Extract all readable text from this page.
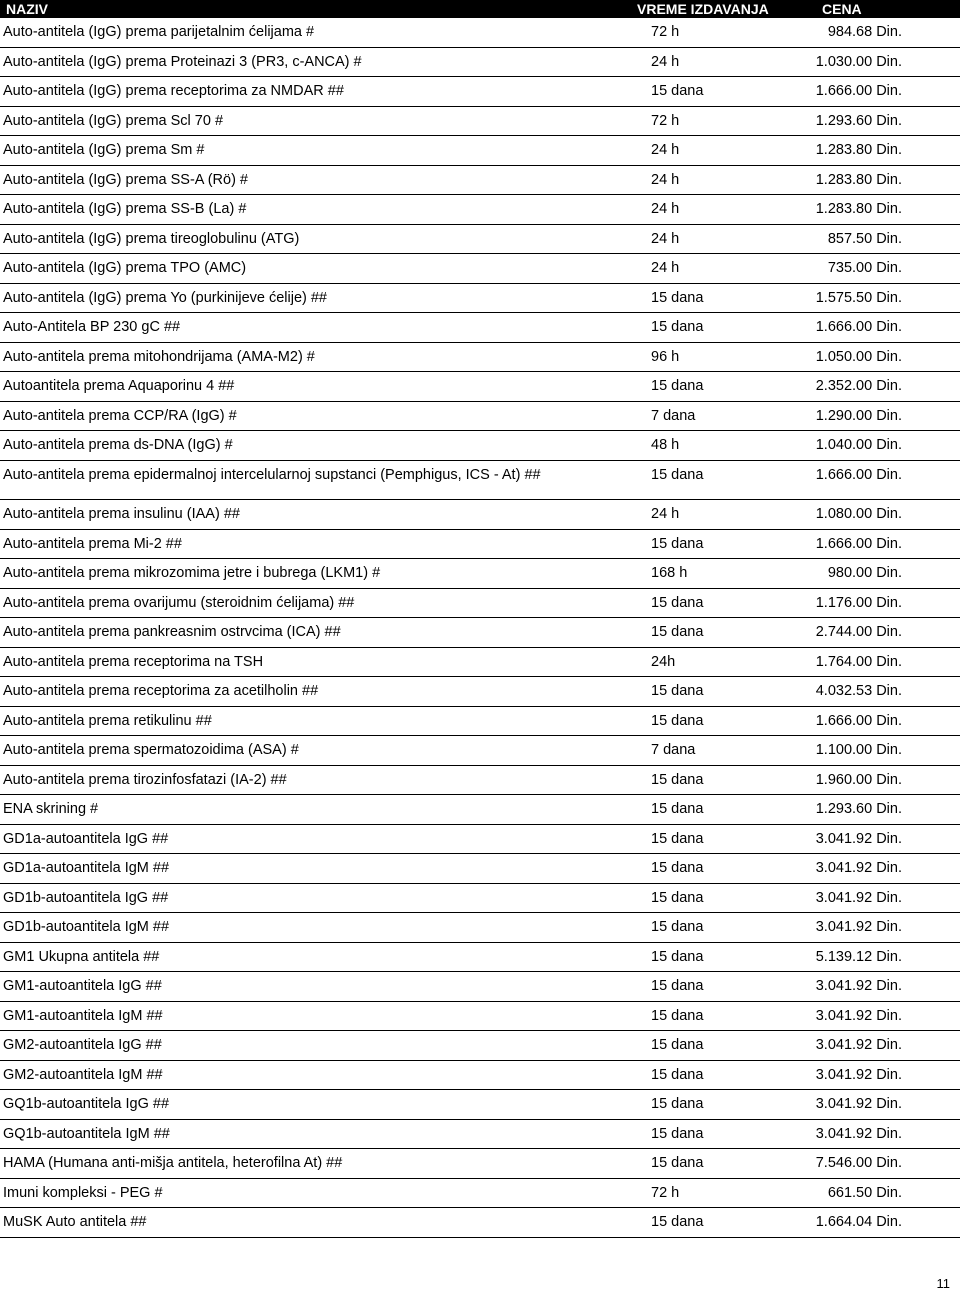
NAZIV	VREME IZDAVANJA	CENA
Auto-antitela (IgG) prema parijetalnim ćelijama #	72 h	984.68 Din.
Auto-antitela (IgG) prema Proteinazi 3 (PR3, c-ANCA) #	24 h	1.030.00 Din.
Auto-antitela (IgG) prema receptorima za NMDAR ##	15 dana	1.666.00 Din.
Auto-antitela (IgG) prema Scl 70 #	72 h	1.293.60 Din.
Auto-antitela (IgG) prema Sm #	24 h	1.283.80 Din.
Auto-antitela (IgG) prema SS-A (Rö) #	24 h	1.283.80 Din.
Auto-antitela (IgG) prema SS-B (La) #	24 h	1.283.80 Din.
Auto-antitela (IgG) prema tireoglobulinu (ATG)	24 h	857.50 Din.
Auto-antitela (IgG) prema TPO (AMC)	24 h	735.00 Din.
Auto-antitela (IgG) prema Yo (purkinijeve ćelije) ##	15 dana	1.575.50 Din.
Auto-Antitela BP 230 gC ##	15 dana	1.666.00 Din.
Auto-antitela prema mitohondrijama (AMA-M2) #	96 h	1.050.00 Din.
Autoantitela prema Aquaporinu 4 ##	15 dana	2.352.00 Din.
Auto-antitela prema CCP/RA (IgG) #	7 dana	1.290.00 Din.
Auto-antitela prema ds-DNA (IgG) #	48 h	1.040.00 Din.
Auto-antitela prema epidermalnoj intercelularnoj supstanci (Pemphigus, ICS - At) ##	15 dana	1.666.00 Din.
Auto-antitela prema insulinu (IAA) ##	24 h	1.080.00 Din.
Auto-antitela prema Mi-2 ##	15 dana	1.666.00 Din.
Auto-antitela prema mikrozomima jetre i bubrega (LKM1) #	168 h	980.00 Din.
Auto-antitela prema ovarijumu (steroidnim ćelijama) ##	15 dana	1.176.00 Din.
Auto-antitela prema pankreasnim ostrvcima (ICA) ##	15 dana	2.744.00 Din.
Auto-antitela prema receptorima na TSH	24h	1.764.00 Din.
Auto-antitela prema receptorima za acetilholin ##	15 dana	4.032.53 Din.
Auto-antitela prema retikulinu ##	15 dana	1.666.00 Din.
Auto-antitela prema spermatozoidima (ASA) #	7 dana	1.100.00 Din.
Auto-antitela prema tirozinfosfatazi (IA-2) ##	15 dana	1.960.00 Din.
ENA skrining #	15 dana	1.293.60 Din.
GD1a-autoantitela IgG ##	15 dana	3.041.92 Din.
GD1a-autoantitela IgM ##	15 dana	3.041.92 Din.
GD1b-autoantitela IgG ##	15 dana	3.041.92 Din.
GD1b-autoantitela IgM ##	15 dana	3.041.92 Din.
GM1 Ukupna antitela ##	15 dana	5.139.12 Din.
GM1-autoantitela IgG ##	15 dana	3.041.92 Din.
GM1-autoantitela IgM ##	15 dana	3.041.92 Din.
GM2-autoantitela IgG ##	15 dana	3.041.92 Din.
GM2-autoantitela IgM ##	15 dana	3.041.92 Din.
GQ1b-autoantitela IgG ##	15 dana	3.041.92 Din.
GQ1b-autoantitela IgM ##	15 dana	3.041.92 Din.
HAMA (Humana anti-mišja antitela, heterofilna At) ##	15 dana	7.546.00 Din.
Imuni kompleksi - PEG #	72 h	661.50 Din.
MuSK Auto antitela ##	15 dana	1.664.04 Din.
11
